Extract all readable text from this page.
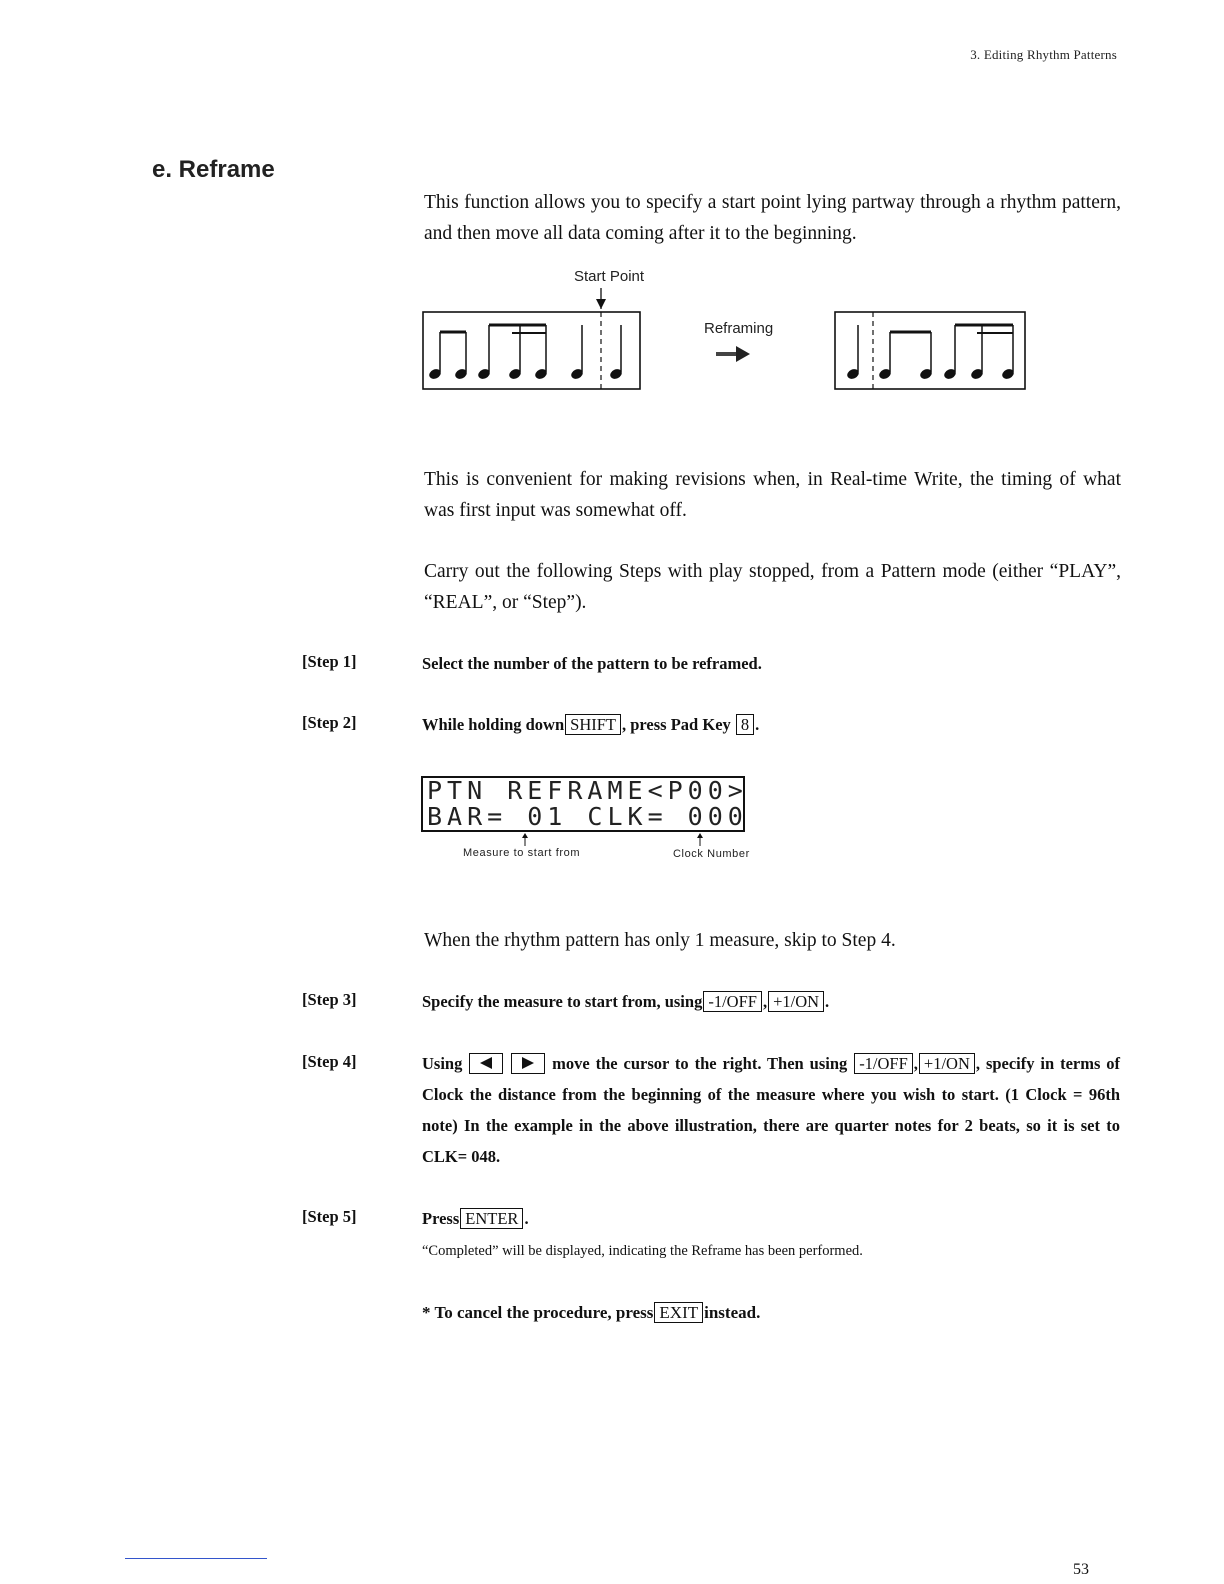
3. Editing Rhythm Patterns
e. Reframe
This function allows you to specify a start point lying partway through a rhythm pattern, and then move all data coming after it to the beginning.
Start Point
Reframing
This is convenient for making revisions when, in Real-time Write, the timing of what was first input was somewhat off.
Carry out the following Steps with play stopped, from a Pattern mode (either “PLAY”, “REAL”, or “Step”).
[Step 1]	Select the number of the pattern to be reframed.
[Step 2]	While holding down SHIFT , press Pad Key 8 .
PTN REFRAME<P00>
BAR= 01 CLK= 000
Measure to start from	Clock Number
When the rhythm pattern has only 1 measure, skip to Step 4.
[Step 3]	Specify the measure to start from, using -1/OFF , +1/ON .
[Step 4]	Using	move the cursor to the right. Then using -1/OFF , +1/ON , specify in terms of Clock the distance from the beginning of the measure where you wish to start. (1 Clock = 96th note) In the example in the above illustration, there are quarter notes for 2 beats, so it is set to CLK= 048.
[Step 5]	Press ENTER .
“Completed” will be displayed, indicating the Reframe has been performed.
* To cancel the procedure, press EXIT instead.
53
